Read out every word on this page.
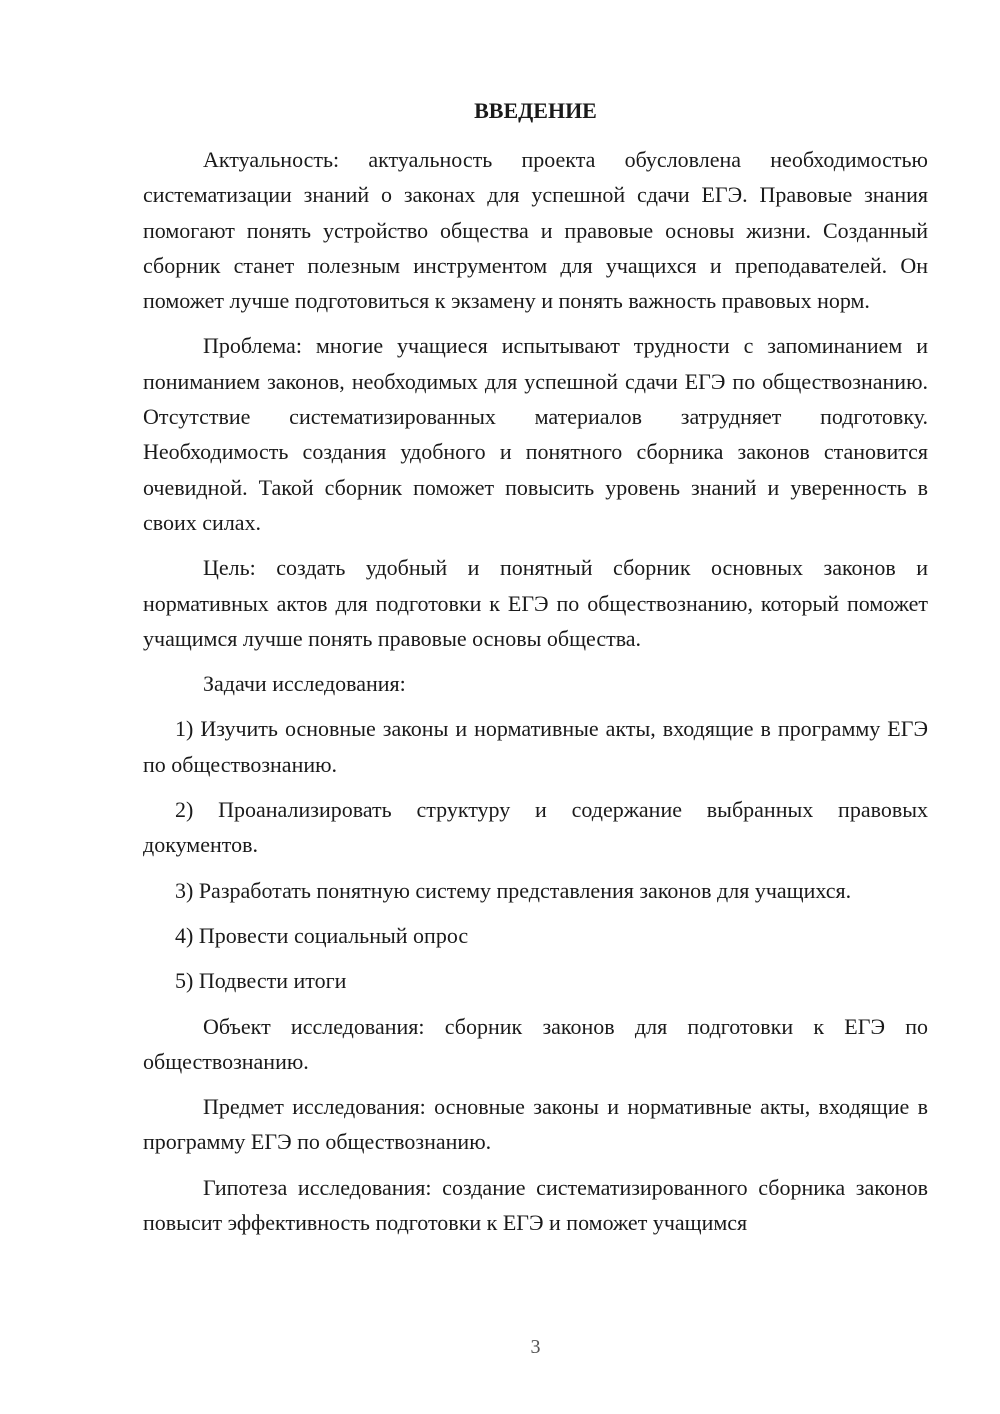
ВВЕДЕНИЕ

Актуальность: актуальность проекта обусловлена необходимостью систематизации знаний о законах для успешной сдачи ЕГЭ. Правовые знания помогают понять устройство общества и правовые основы жизни. Созданный сборник станет полезным инструментом для учащихся и преподавателей. Он поможет лучше подготовиться к экзамену и понять важность правовых норм.

Проблема: многие учащиеся испытывают трудности с запоминанием и пониманием законов, необходимых для успешной сдачи ЕГЭ по обществознанию. Отсутствие систематизированных материалов затрудняет подготовку. Необходимость создания удобного и понятного сборника законов становится очевидной. Такой сборник поможет повысить уровень знаний и уверенность в своих силах.

Цель: создать удобный и понятный сборник основных законов и нормативных актов для подготовки к ЕГЭ по обществознанию, который поможет учащимся лучше понять правовые основы общества.

Задачи исследования:

1) Изучить основные законы и нормативные акты, входящие в программу ЕГЭ по обществознанию.

2) Проанализировать структуру и содержание выбранных правовых документов.

3) Разработать понятную систему представления законов для учащихся.

4) Провести социальный опрос

5) Подвести итоги

Объект исследования: сборник законов для подготовки к ЕГЭ по обществознанию.

Предмет исследования: основные законы и нормативные акты, входящие в программу ЕГЭ по обществознанию.

Гипотеза исследования: создание систематизированного сборника законов повысит эффективность подготовки к ЕГЭ и поможет учащимся

3
